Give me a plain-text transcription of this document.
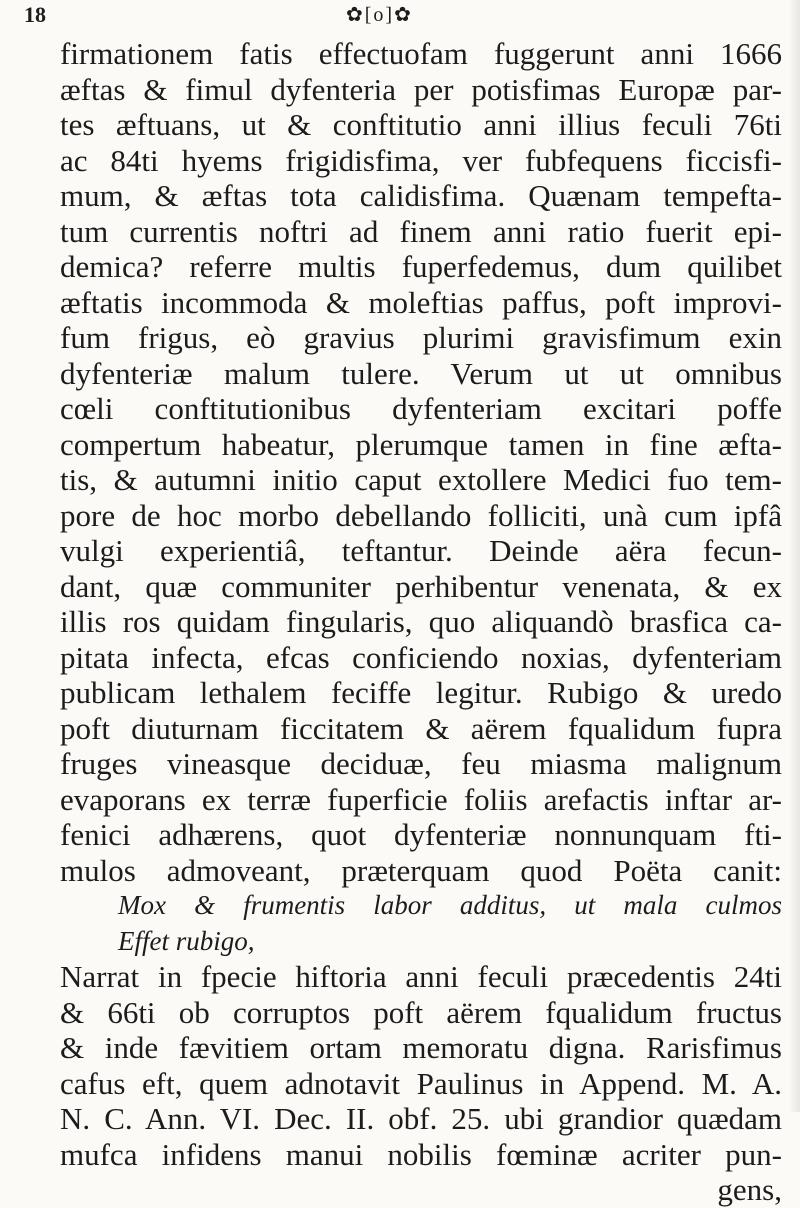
18	✿[o]✿
firmationem fatis effectuofam fuggerunt anni 1666
æftas & fimul dyfenteria per potisfimas Europæ par-
tes æftuans, ut & conftitutio anni illius feculi 76ti
ac 84ti hyems frigidisfima, ver fubfequens ficcisfi-
mum, & æftas tota calidisfima. Quænam tempefta-
tum currentis noftri ad finem anni ratio fuerit epi-
demica? referre multis fuperfedemus, dum quilibet
æftatis incommoda & moleftias paffus, poft improvi-
fum frigus, eò gravius plurimi gravisfimum exin
dyfenteriæ malum tulere. Verum ut ut omnibus
cœli conftitutionibus dyfenteriam excitari poffe
compertum habeatur, plerumque tamen in fine æfta-
tis, & autumni initio caput extollere Medici fuo tem-
pore de hoc morbo debellando folliciti, unà cum ipfâ
vulgi experientiâ, teftantur. Deinde aëra fecun-
dant, quæ communiter perhibentur venenata, & ex
illis ros quidam fingularis, quo aliquandò brasfica ca-
pitata infecta, efcas conficiendo noxias, dyfenteriam
publicam lethalem feciffe legitur. Rubigo & uredo
poft diuturnam ficcitatem & aërem fqualidum fupra
fruges vineasque deciduæ, feu miasma malignum
evaporans ex terræ fuperficie foliis arefactis inftar ar-
fenici adhærens, quot dyfenteriæ nonnunquam fti-
mulos admoveant, præterquam quod Poëta canit:
Mox & frumentis labor additus, ut mala culmos
Effet rubigo,
Narrat in fpecie hiftoria anni feculi præcedentis 24ti
& 66ti ob corruptos poft aërem fqualidum fructus
& inde fævitiem ortam memoratu digna. Rarisfimus
cafus eft, quem adnotavit Paulinus in Append. M. A.
N. C. Ann. VI. Dec. II. obf. 25. ubi grandior quædam
mufca infidens manui nobilis fœminæ acriter pun-
gens,
